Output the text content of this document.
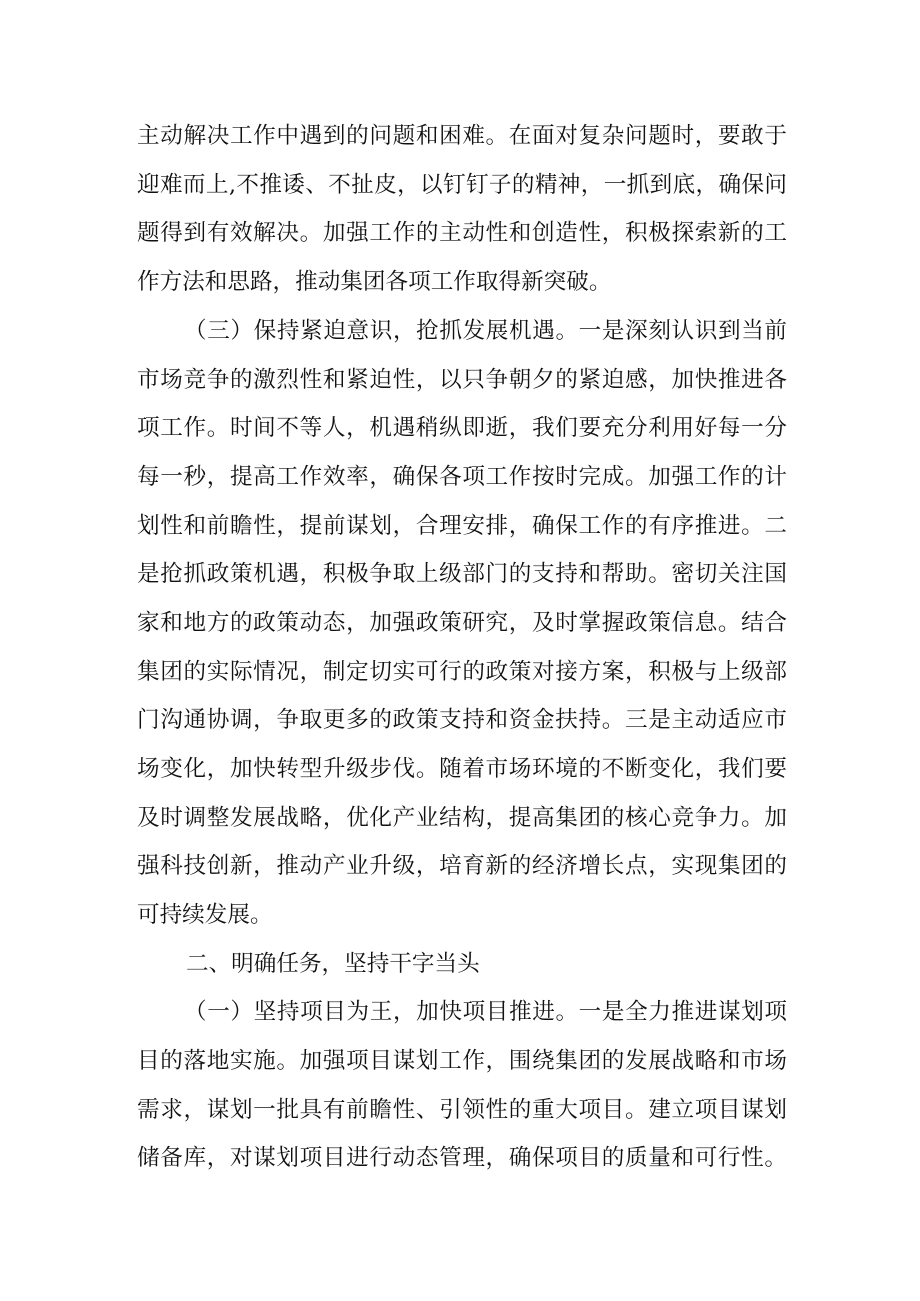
主动解决工作中遇到的问题和困难。在面对复杂问题时，要敢于
迎难而上,不推诿、不扯皮，以钉钉子的精神，一抓到底，确保问
题得到有效解决。加强工作的主动性和创造性，积极探索新的工
作方法和思路，推动集团各项工作取得新突破。
（三）保持紧迫意识，抢抓发展机遇。一是深刻认识到当前
市场竞争的激烈性和紧迫性，以只争朝夕的紧迫感，加快推进各
项工作。时间不等人，机遇稍纵即逝，我们要充分利用好每一分
每一秒，提高工作效率，确保各项工作按时完成。加强工作的计
划性和前瞻性，提前谋划，合理安排，确保工作的有序推进。二
是抢抓政策机遇，积极争取上级部门的支持和帮助。密切关注国
家和地方的政策动态，加强政策研究，及时掌握政策信息。结合
集团的实际情况，制定切实可行的政策对接方案，积极与上级部
门沟通协调，争取更多的政策支持和资金扶持。三是主动适应市
场变化，加快转型升级步伐。随着市场环境的不断变化，我们要
及时调整发展战略，优化产业结构，提高集团的核心竞争力。加
强科技创新，推动产业升级，培育新的经济增长点，实现集团的
可持续发展。
二、明确任务，坚持干字当头
（一）坚持项目为王，加快项目推进。一是全力推进谋划项
目的落地实施。加强项目谋划工作，围绕集团的发展战略和市场
需求，谋划一批具有前瞻性、引领性的重大项目。建立项目谋划
储备库，对谋划项目进行动态管理，确保项目的质量和可行性。
